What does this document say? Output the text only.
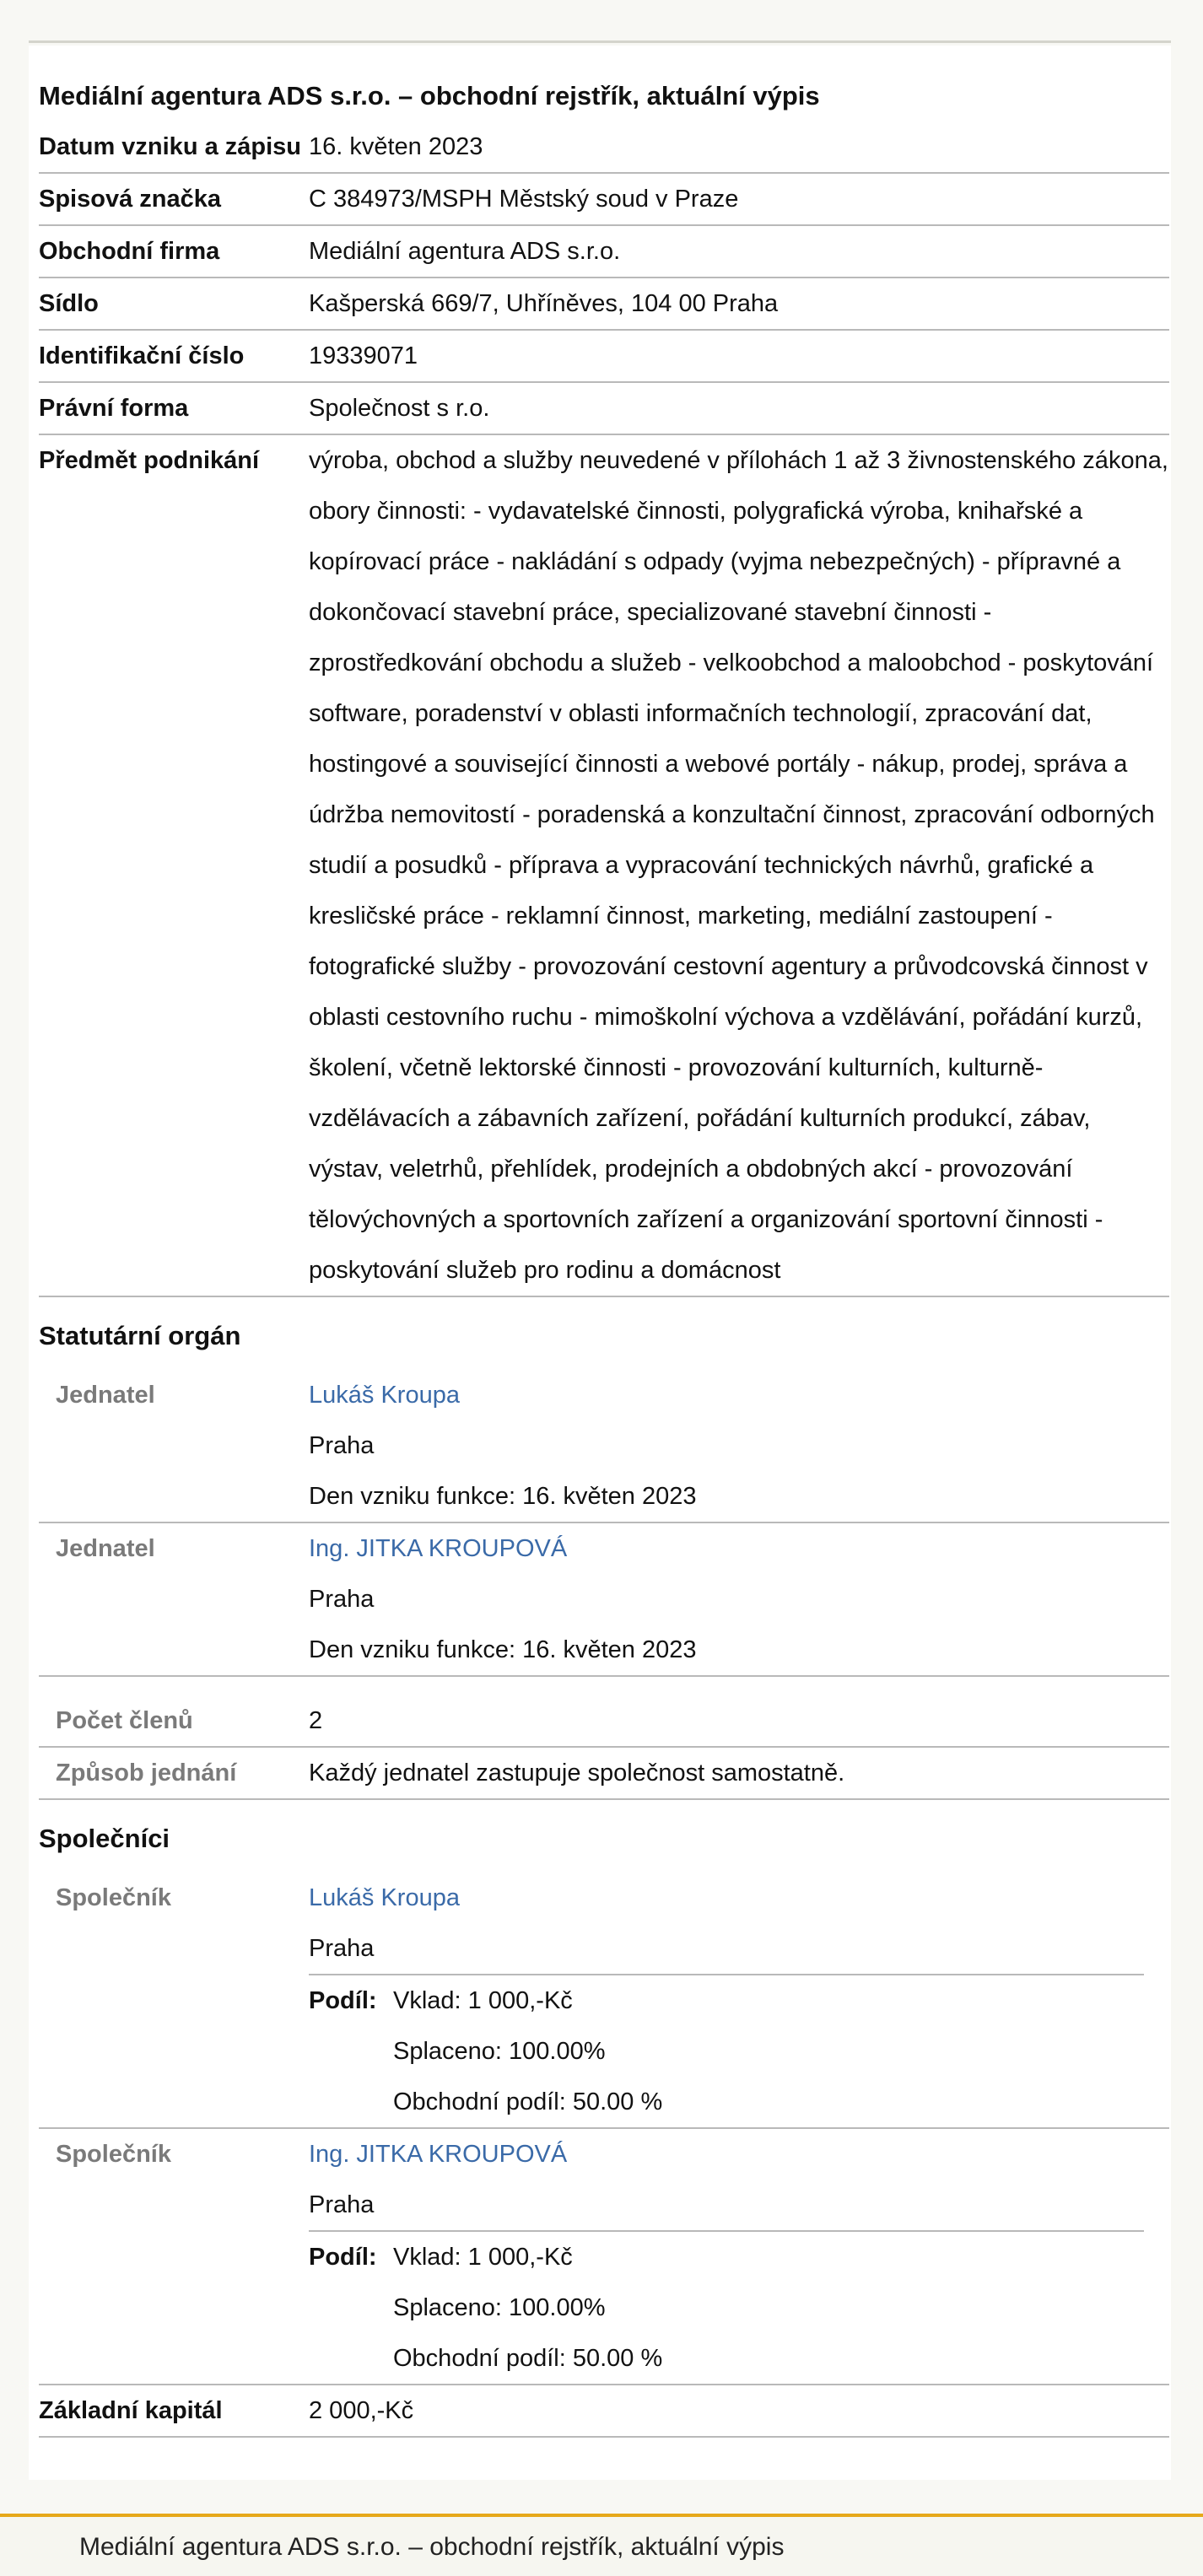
Mediální agentura ADS s.r.o. – obchodní rejstřík, aktuální výpis
Datum vzniku a zápisu 16. květen 2023
Spisová značka	C 384973/MSPH Městský soud v Praze
Obchodní firma	Mediální agentura ADS s.r.o.
Sídlo	Kašperská 669/7, Uhříněves, 104 00 Praha
Identifikační číslo	19339071
Právní forma	Společnost s r.o.
Předmět podnikání	výroba, obchod a služby neuvedené v přílohách 1 až 3 živnostenského zákona, obory činnosti: - vydavatelské činnosti, polygrafická výroba, knihařské a kopírovací práce - nakládání s odpady (vyjma nebezpečných) - přípravné a dokončovací stavební práce, specializované stavební činnosti - zprostředkování obchodu a služeb - velkoobchod a maloobchod - poskytování software, poradenství v oblasti informačních technologií, zpracování dat, hostingové a související činnosti a webové portály - nákup, prodej, správa a údržba nemovitostí - poradenská a konzultační činnost, zpracování odborných studií a posudků - příprava a vypracování technických návrhů, grafické a kresličské práce - reklamní činnost, marketing, mediální zastoupení - fotografické služby - provozování cestovní agentury a průvodcovská činnost v oblasti cestovního ruchu - mimoškolní výchova a vzdělávání, pořádání kurzů, školení, včetně lektorské činnosti - provozování kulturních, kulturně-vzdělávacích a zábavních zařízení, pořádání kulturních produkcí, zábav, výstav, veletrhů, přehlídek, prodejních a obdobných akcí - provozování tělovýchovných a sportovních zařízení a organizování sportovní činnosti - poskytování služeb pro rodinu a domácnost
Statutární orgán
Jednatel	Lukáš Kroupa
Praha
Den vzniku funkce: 16. květen 2023
Jednatel	Ing. JITKA KROUPOVÁ
Praha
Den vzniku funkce: 16. květen 2023
Počet členů	2
Způsob jednání	Každý jednatel zastupuje společnost samostatně.
Společníci
Společník	Lukáš Kroupa
Praha
Podíl: Vklad: 1 000,-Kč
Splaceno: 100.00%
Obchodní podíl: 50.00 %
Společník	Ing. JITKA KROUPOVÁ
Praha
Podíl: Vklad: 1 000,-Kč
Splaceno: 100.00%
Obchodní podíl: 50.00 %
Základní kapitál	2 000,-Kč
Mediální agentura ADS s.r.o. – obchodní rejstřík, aktuální výpis
